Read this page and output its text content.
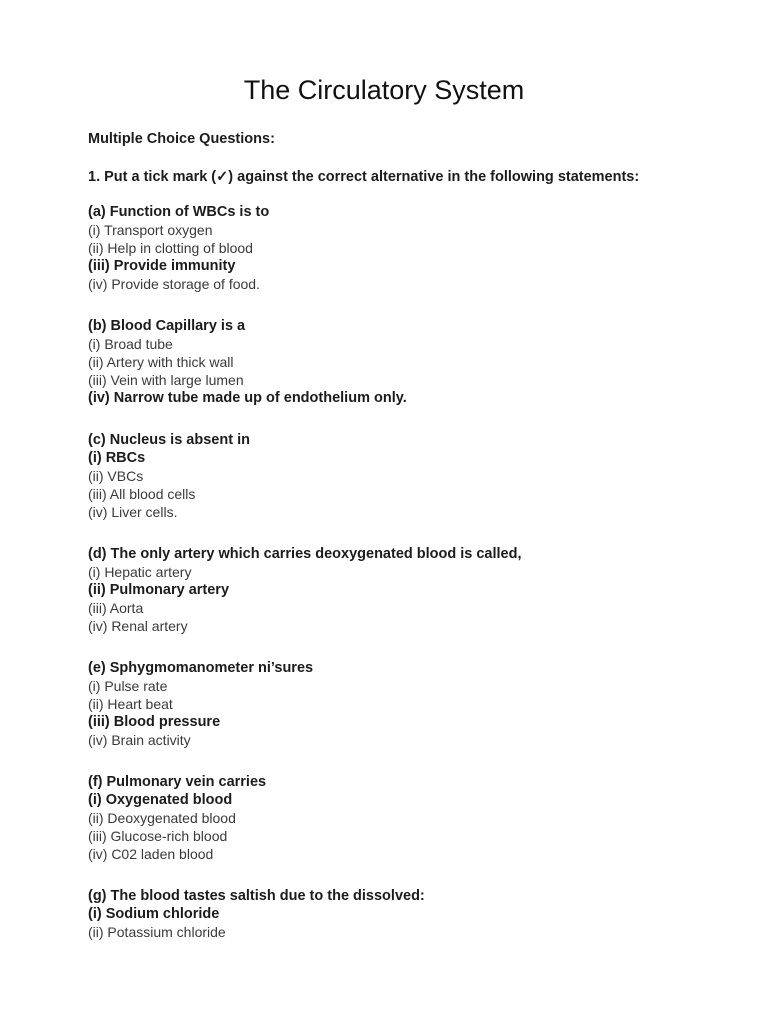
The Circulatory System

Multiple Choice Questions:

1. Put a tick mark (✓) against the correct alternative in the following statements:

(a) Function of WBCs is to
(i) Transport oxygen
(ii) Help in clotting of blood
(iii) Provide immunity
(iv) Provide storage of food.
(b) Blood Capillary is a
(i) Broad tube
(ii) Artery with thick wall
(iii) Vein with large lumen
(iv) Narrow tube made up of endothelium only.
(c) Nucleus is absent in
(i) RBCs
(ii) VBCs
(iii) All blood cells
(iv) Liver cells.
(d) The only artery which carries deoxygenated blood is called,
(i) Hepatic artery
(ii) Pulmonary artery
(iii) Aorta
(iv) Renal artery
(e) Sphygmomanometer ni’sures
(i) Pulse rate
(ii) Heart beat
(iii) Blood pressure
(iv) Brain activity
(f) Pulmonary vein carries
(i) Oxygenated blood
(ii) Deoxygenated blood
(iii) Glucose-rich blood
(iv) C02 laden blood
(g) The blood tastes saltish due to the dissolved:
(i) Sodium chloride
(ii) Potassium chloride
